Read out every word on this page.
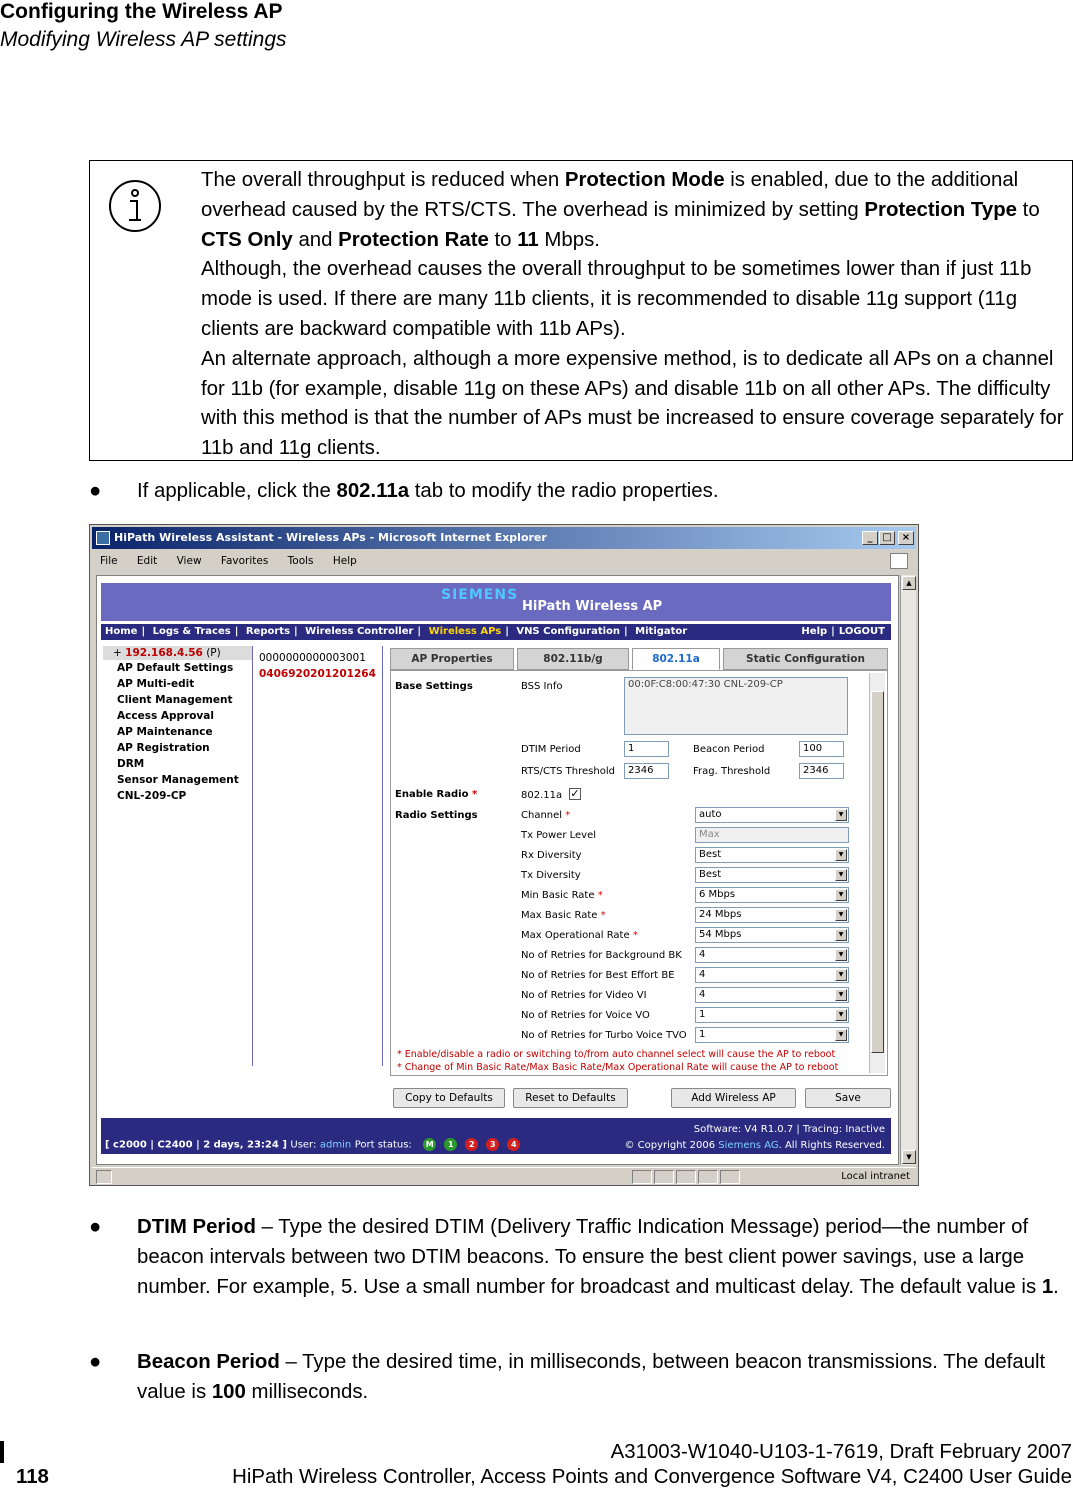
Configuring the Wireless AP
Modifying Wireless AP settings

The overall throughput is reduced when Protection Mode is enabled, due to the additional overhead caused by the RTS/CTS. The overhead is minimized by setting Protection Type to CTS Only and Protection Rate to 11 Mbps.

Although, the overhead causes the overall throughput to be sometimes lower than if just 11b mode is used. If there are many 11b clients, it is recommended to disable 11g support (11g clients are backward compatible with 11b APs).

An alternate approach, although a more expensive method, is to dedicate all APs on a channel for 11b (for example, disable 11g on these APs) and disable 11b on all other APs. The difficulty with this method is that the number of APs must be increased to ensure coverage separately for 11b and 11g clients.

● If applicable, click the 802.11a tab to modify the radio properties.
HiPath Wireless Assistant - Wireless APs - Microsoft Internet Explorer	_ □	×
File Edit View Favorites Tools Help
SIEMENS
HiPath Wireless AP
Home | Logs & Traces | Reports | Wireless Controller | Wireless APs | VNS Configuration | Mitigator	Help | LOGOUT
+ 192.168.4.56 (P)
AP Default Settings
AP Multi-edit
Client Management
Access Approval
AP Maintenance
AP Registration
DRM
Sensor Management
CNL-209-CP
0000000000003001
0406920201201264
AP Properties	802.11b/g	802.11a	Static Configuration
Base Settings	BSS Info	00:0F:C8:00:47:30 CNL-209-CP
DTIM Period	1	Beacon Period	100
RTS/CTS Threshold	2346	Frag. Threshold	2346
Enable Radio *	802.11a ✓
Radio Settings	Channel *	auto	▼
Tx Power Level	Max
Rx Diversity	Best	▼
Tx Diversity	Best	▼
Min Basic Rate *	6 Mbps	▼
Max Basic Rate *	24 Mbps	▼
Max Operational Rate *	54 Mbps	▼
No of Retries for Background BK	4	▼
No of Retries for Best Effort BE	4	▼
No of Retries for Video VI	4	▼
No of Retries for Voice VO	1	▼
No of Retries for Turbo Voice TVO	1	▼
* Enable/disable a radio or switching to/from auto channel select will cause the AP to reboot
* Change of Min Basic Rate/Max Basic Rate/Max Operational Rate will cause the AP to reboot
Copy to Defaults	Reset to Defaults	Add Wireless AP	Save
[ c2000 | C2400 | 2 days, 23:24 ] User: admin Port status: M 1 2 3 4
Software: V4 R1.0.7 | Tracing: Inactive
© Copyright 2006 Siemens AG. All Rights Reserved.
▲
▼
Local intranet
● DTIM Period – Type the desired DTIM (Delivery Traffic Indication Message) period—the number of beacon intervals between two DTIM beacons. To ensure the best client power savings, use a large number. For example, 5. Use a small number for broadcast and multicast delay. The default value is 1.
● Beacon Period – Type the desired time, in milliseconds, between beacon transmissions. The default value is 100 milliseconds.
A31003-W1040-U103-1-7619, Draft February 2007
118	HiPath Wireless Controller, Access Points and Convergence Software V4, C2400 User Guide
